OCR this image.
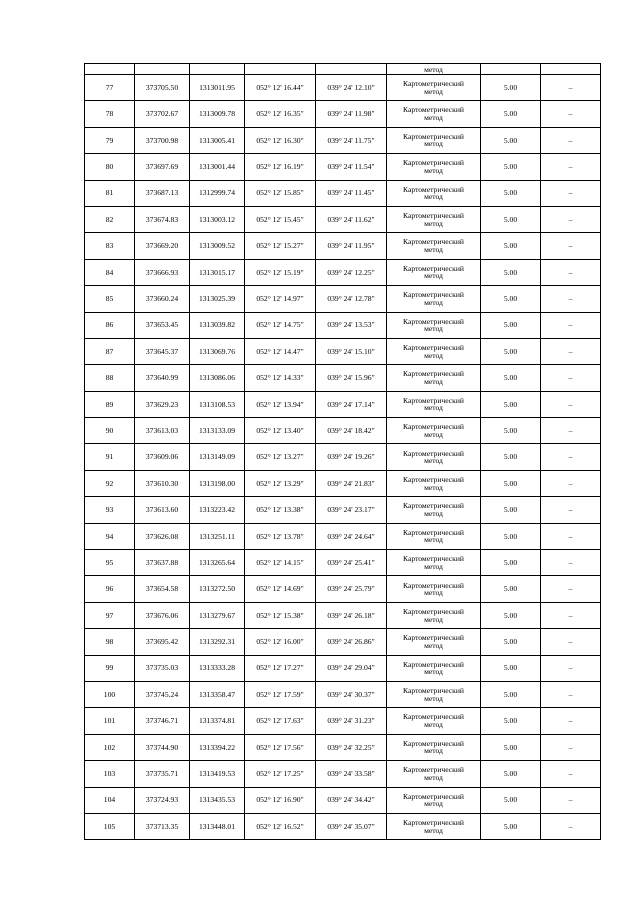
					метод		
77	373705.50	1313011.95	052° 12' 16.44"	039° 24' 12.10"	Картометрический
метод	5.00	–
78	373702.67	1313009.78	052° 12' 16.35"	039° 24' 11.98"	Картометрический
метод	5.00	–
79	373700.98	1313005.41	052° 12' 16.30"	039° 24' 11.75"	Картометрический
метод	5.00	–
80	373697.69	1313001.44	052° 12' 16.19"	039° 24' 11.54"	Картометрический
метод	5.00	–
81	373687.13	1312999.74	052° 12' 15.85"	039° 24' 11.45"	Картометрический
метод	5.00	–
82	373674.83	1313003.12	052° 12' 15.45"	039° 24' 11.62"	Картометрический
метод	5.00	–
83	373669.20	1313009.52	052° 12' 15.27"	039° 24' 11.95"	Картометрический
метод	5.00	–
84	373666.93	1313015.17	052° 12' 15.19"	039° 24' 12.25"	Картометрический
метод	5.00	–
85	373660.24	1313025.39	052° 12' 14.97"	039° 24' 12.78"	Картометрический
метод	5.00	–
86	373653.45	1313039.82	052° 12' 14.75"	039° 24' 13.53"	Картометрический
метод	5.00	–
87	373645.37	1313069.76	052° 12' 14.47"	039° 24' 15.10"	Картометрический
метод	5.00	–
88	373640.99	1313086.06	052° 12' 14.33"	039° 24' 15.96"	Картометрический
метод	5.00	–
89	373629.23	1313108.53	052° 12' 13.94"	039° 24' 17.14"	Картометрический
метод	5.00	–
90	373613.03	1313133.09	052° 12' 13.40"	039° 24' 18.42"	Картометрический
метод	5.00	–
91	373609.06	1313149.09	052° 12' 13.27"	039° 24' 19.26"	Картометрический
метод	5.00	–
92	373610.30	1313198.00	052° 12' 13.29"	039° 24' 21.83"	Картометрический
метод	5.00	–
93	373613.60	1313223.42	052° 12' 13.38"	039° 24' 23.17"	Картометрический
метод	5.00	–
94	373626.08	1313251.11	052° 12' 13.78"	039° 24' 24.64"	Картометрический
метод	5.00	–
95	373637.88	1313265.64	052° 12' 14.15"	039° 24' 25.41"	Картометрический
метод	5.00	–
96	373654.58	1313272.50	052° 12' 14.69"	039° 24' 25.79"	Картометрический
метод	5.00	–
97	373676.06	1313279.67	052° 12' 15.38"	039° 24' 26.18"	Картометрический
метод	5.00	–
98	373695.42	1313292.31	052° 12' 16.00"	039° 24' 26.86"	Картометрический
метод	5.00	–
99	373735.03	1313333.28	052° 12' 17.27"	039° 24' 29.04"	Картометрический
метод	5.00	–
100	373745.24	1313358.47	052° 12' 17.59"	039° 24' 30.37"	Картометрический
метод	5.00	–
101	373746.71	1313374.81	052° 12' 17.63"	039° 24' 31.23"	Картометрический
метод	5.00	–
102	373744.90	1313394.22	052° 12' 17.56"	039° 24' 32.25"	Картометрический
метод	5.00	–
103	373735.71	1313419.53	052° 12' 17.25"	039° 24' 33.58"	Картометрический
метод	5.00	–
104	373724.93	1313435.53	052° 12' 16.90"	039° 24' 34.42"	Картометрический
метод	5.00	–
105	373713.35	1313448.01	052° 12' 16.52"	039° 24' 35.07"	Картометрический
метод	5.00	–
